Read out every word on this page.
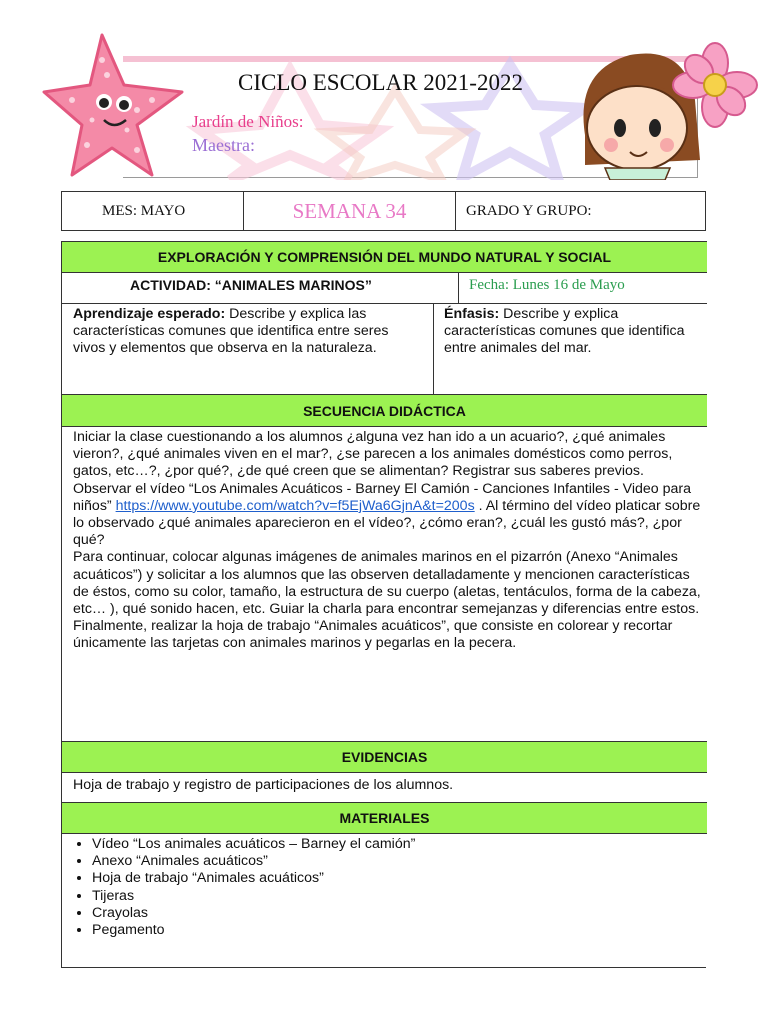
CICLO ESCOLAR 2021-2022
Jardín de Niños:
Maestra:
MES: MAYO	SEMANA 34	GRADO Y GRUPO:
EXPLORACIÓN Y COMPRENSIÓN DEL MUNDO NATURAL Y SOCIAL
ACTIVIDAD: “ANIMALES MARINOS”	Fecha: Lunes 16 de Mayo
Aprendizaje esperado: Describe y explica las características comunes que identifica entre seres vivos y elementos que observa en la naturaleza.
Énfasis: Describe y explica características comunes que identifica entre animales del mar.
SECUENCIA DIDÁCTICA
Iniciar la clase cuestionando a los alumnos ¿alguna vez han ido a un acuario?, ¿qué animales vieron?, ¿qué animales viven en el mar?, ¿se parecen a los animales domésticos como perros, gatos, etc…?, ¿por qué?, ¿de qué creen que se alimentan? Registrar sus saberes previos.
Observar el vídeo “Los Animales Acuáticos - Barney El Camión - Canciones Infantiles - Video para niños” https://www.youtube.com/watch?v=f5EjWa6GjnA&t=200s . Al término del vídeo platicar sobre lo observado ¿qué animales aparecieron en el vídeo?, ¿cómo eran?, ¿cuál les gustó más?, ¿por qué?
Para continuar, colocar algunas imágenes de animales marinos en el pizarrón (Anexo “Animales acuáticos”) y solicitar a los alumnos que las observen detalladamente y mencionen características de éstos, como su color, tamaño, la estructura de su cuerpo (aletas, tentáculos, forma de la cabeza, etc… ), qué sonido hacen, etc. Guiar la charla para encontrar semejanzas y diferencias entre estos.
Finalmente, realizar la hoja de trabajo “Animales acuáticos”, que consiste en colorear y recortar únicamente las tarjetas con animales marinos y pegarlas en la pecera.
EVIDENCIAS
Hoja de trabajo y registro de participaciones de los alumnos.
MATERIALES
• Vídeo “Los animales acuáticos – Barney el camión”
• Anexo “Animales acuáticos”
• Hoja de trabajo “Animales acuáticos”
• Tijeras
• Crayolas
• Pegamento
